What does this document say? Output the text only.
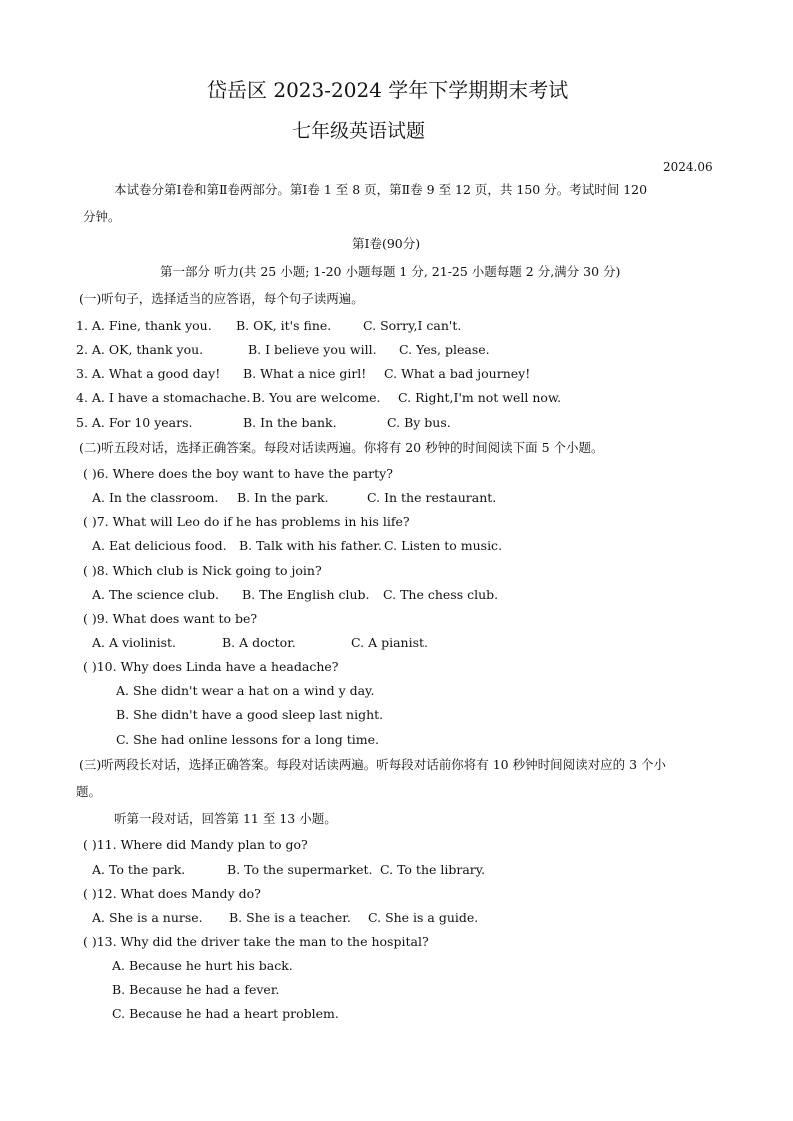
岱岳区 2023-2024 学年下学期期末考试
七年级英语试题
2024.06
本试卷分第Ⅰ卷和第Ⅱ卷两部分。第Ⅰ卷 1 至 8 页，第Ⅱ卷 9 至 12 页，共 150 分。考试时间 120
分钟。
第Ⅰ卷(90分)
第一部分 听力(共 25 小题; 1-20 小题每题 1 分, 21-25 小题每题 2 分,满分 30 分)
(一)听句子，选择适当的应答语，每个句子读两遍。
1. A. Fine, thank you. B. OK, it's fine.	C. Sorry,I can't.
2. A. OK, thank you.	B. I believe you will. C. Yes, please.
3. A. What a good day! B. What a nice girl! C. What a bad journey!
4. A. I have a stomachache. B. You are welcome. C. Right,I'm not well now.
5. A. For 10 years.	B. In the bank.	C. By bus.
(二)听五段对话，选择正确答案。每段对话读两遍。你将有 20 秒钟的时间阅读下面 5 个小题。
( )6. Where does the boy want to have the party?
A. In the classroom. B. In the park.	C. In the restaurant.
( )7. What will Leo do if he has problems in his life?
A. Eat delicious food. B. Talk with his father. C. Listen to music.
( )8. Which club is Nick going to join?
A. The science club. B. The English club. C. The chess club.
( )9. What does want to be?
A. A violinist.	B. A doctor.	C. A pianist.
( )10. Why does Linda have a headache?
A. She didn't wear a hat on a wind y day.
B. She didn't have a good sleep last night.
C. She had online lessons for a long time.
(三)听两段长对话，选择正确答案。每段对话读两遍。听每段对话前你将有 10 秒钟时间阅读对应的 3 个小
题。
听第一段对话，回答第 11 至 13 小题。
( )11. Where did Mandy plan to go?
A. To the park.	B. To the supermarket. C. To the library.
( )12. What does Mandy do?
A. She is a nurse. B. She is a teacher. C. She is a guide.
( )13. Why did the driver take the man to the hospital?
A. Because he hurt his back.
B. Because he had a fever.
C. Because he had a heart problem.
